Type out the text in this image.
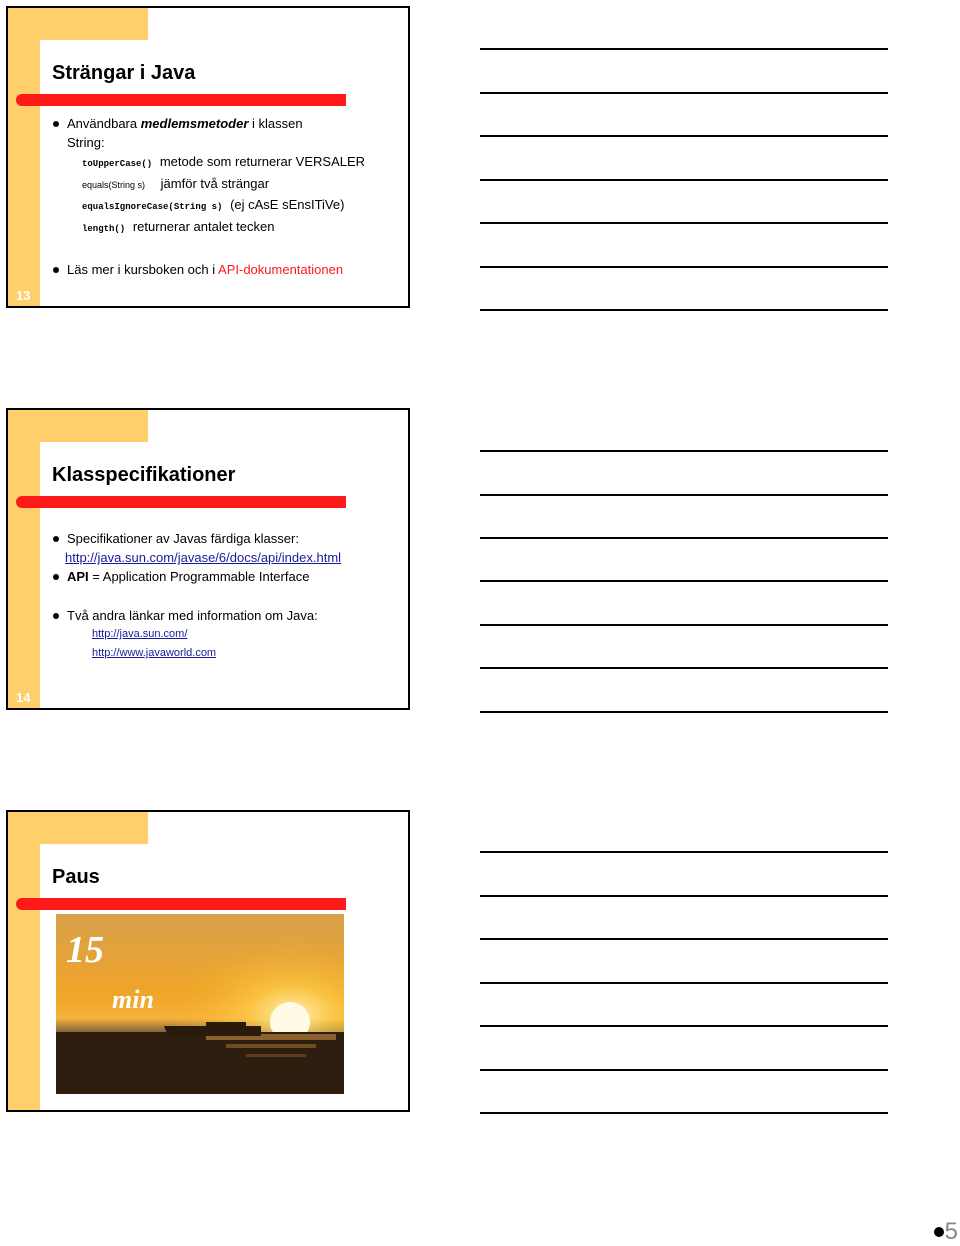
Strängar i Java
Användbara medlemsmetoder i klassen
String:
toUpperCase() metode som returnerar VERSALER
equals(String s) jämför två strängar
equalsIgnoreCase(String s) (ej cAsE sEnsITiVe)
length() returnerar antalet tecken
Läs mer i kursboken och i API-dokumentationen
13
Klasspecifikationer
Specifikationer av Javas färdiga klasser:
http://java.sun.com/javase/6/docs/api/index.html
API = Application Programmable Interface
Två andra länkar med information om Java:
http://java.sun.com/
http://www.javaworld.com
14
Paus
15
min
5
